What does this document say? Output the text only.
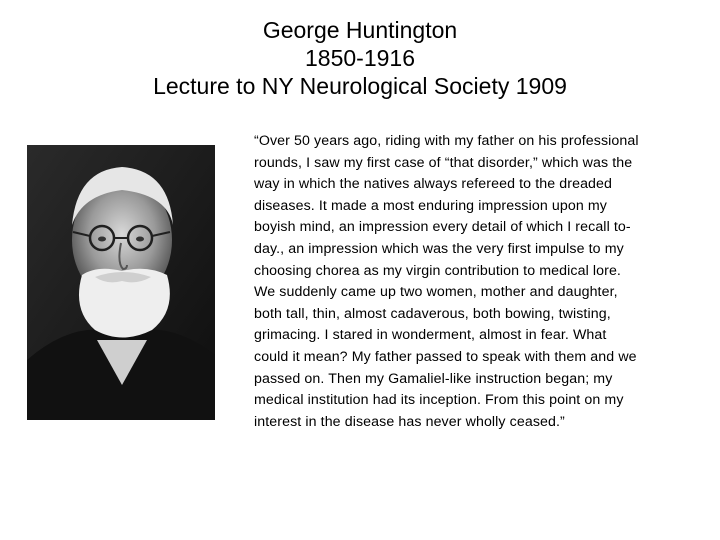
George Huntington
1850-1916
Lecture to NY Neurological Society 1909
“Over 50 years ago, riding with my father on his professional
rounds, I saw my first case of “that disorder,” which was the
way in which the natives always refereed to the dreaded
diseases. It made a most enduring impression upon my
boyish mind, an impression every detail of which I recall to-
day., an impression which was the very first impulse to my
choosing chorea as my virgin contribution to medical lore.
We suddenly came up two women, mother and daughter,
both tall, thin, almost cadaverous, both bowing, twisting,
grimacing. I stared in wonderment, almost in fear. What
could it mean? My father passed to speak with them and we
passed on. Then my Gamaliel-like instruction began; my
medical institution had its inception. From this point on my
interest in the disease has never wholly ceased.”
